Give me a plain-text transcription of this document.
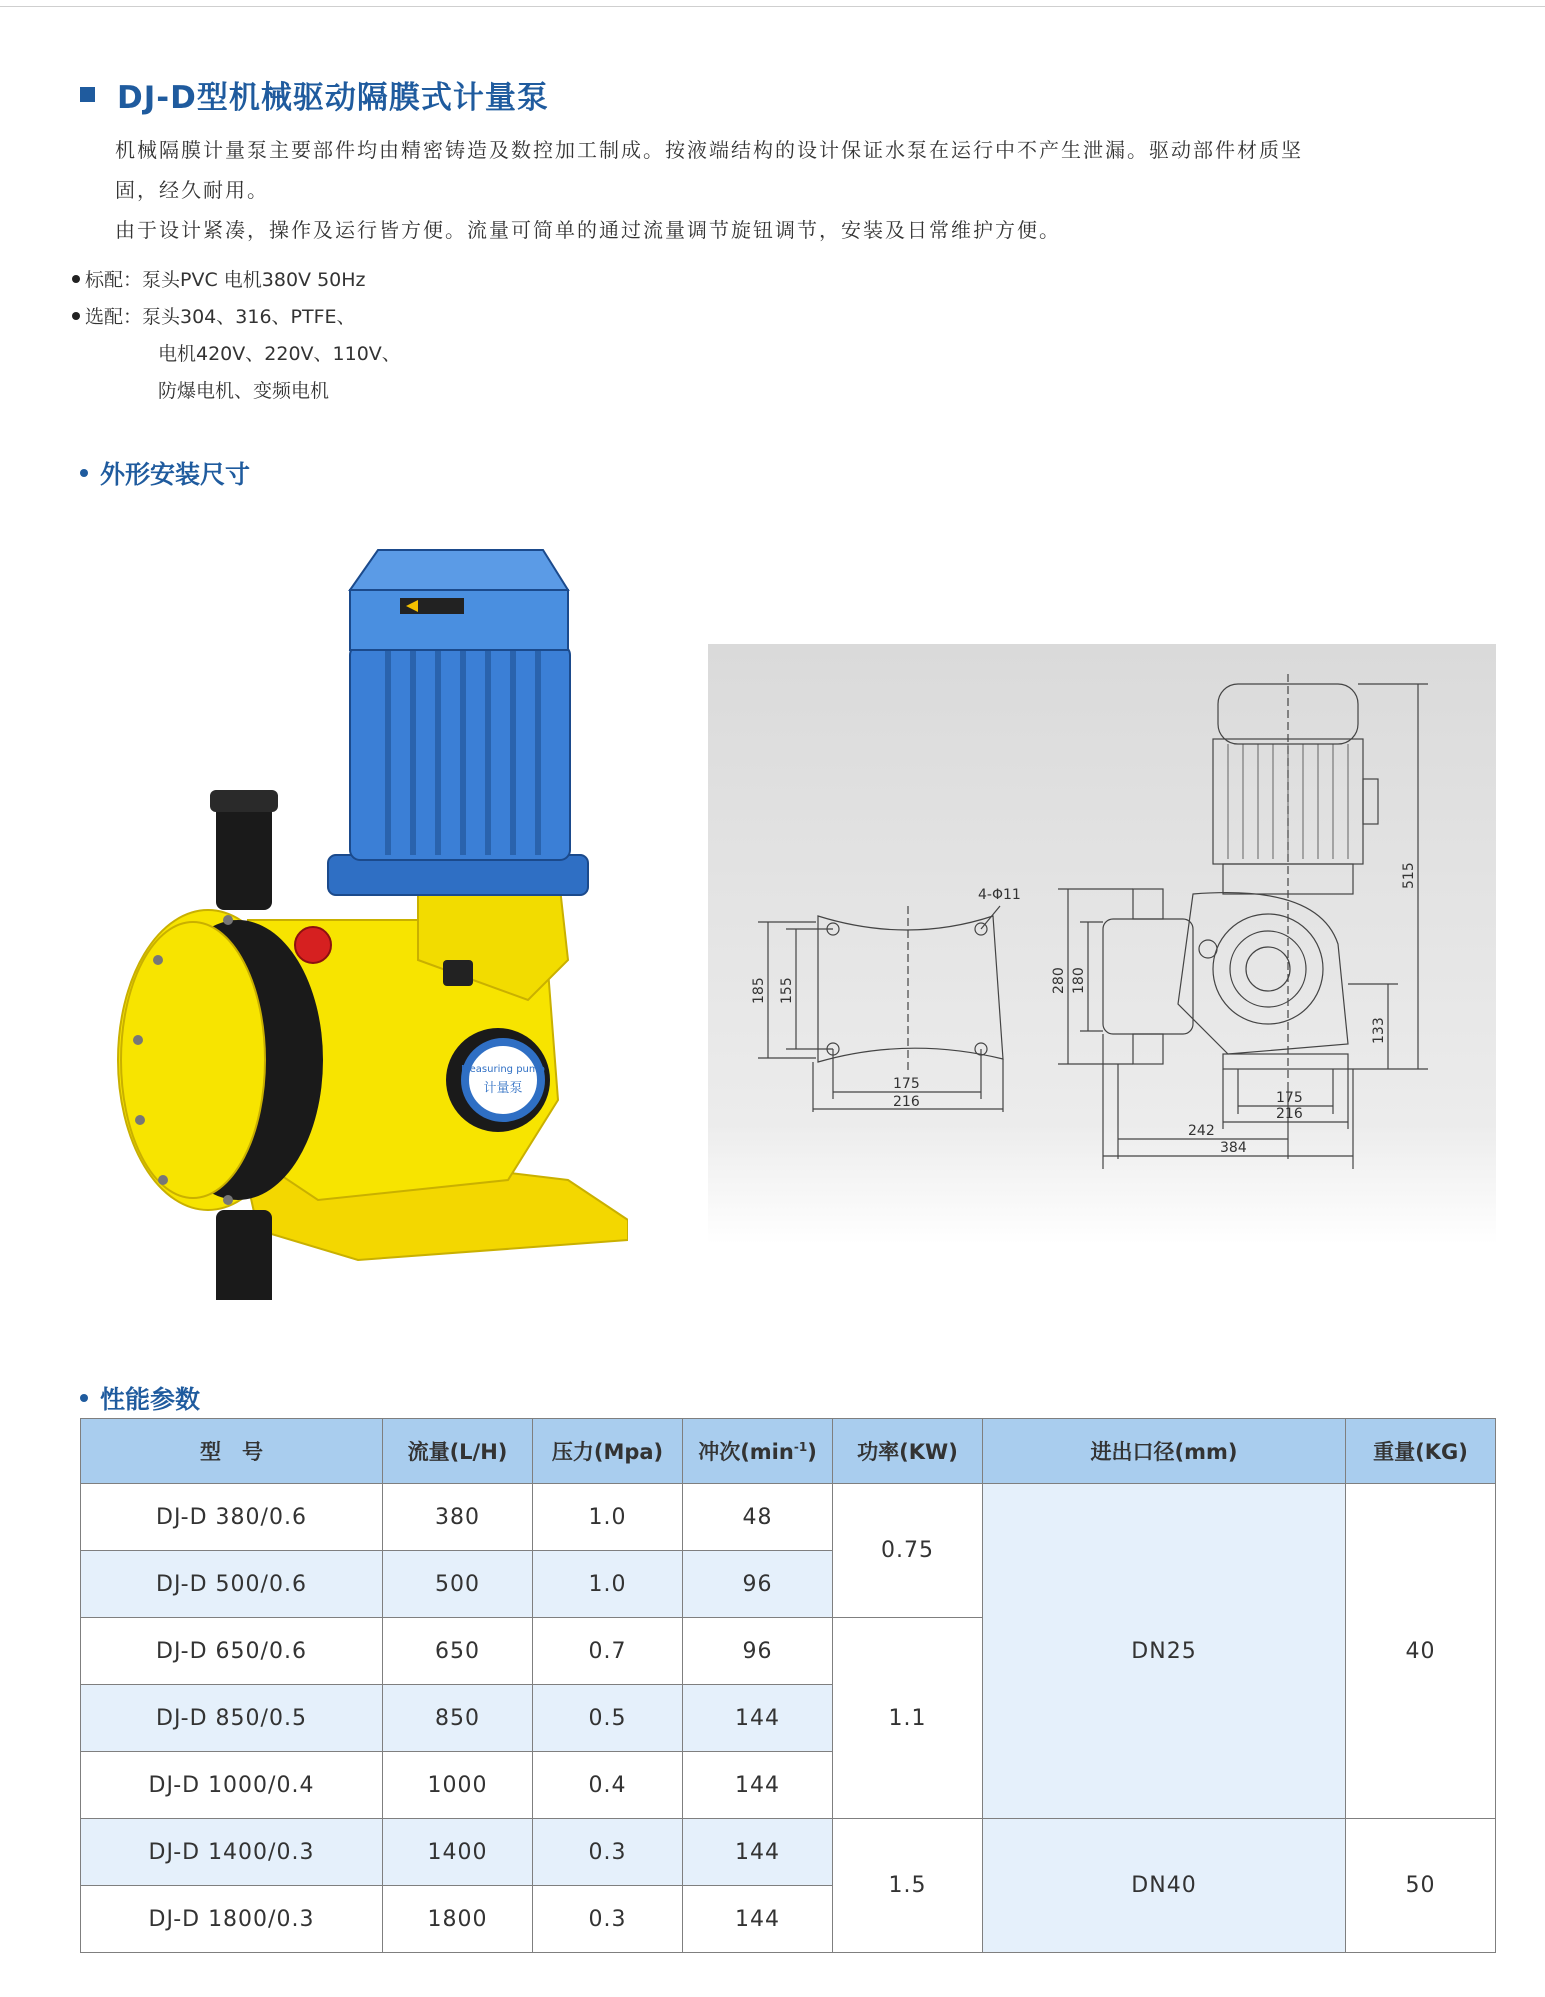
DJ-D型机械驱动隔膜式计量泵

机械隔膜计量泵主要部件均由精密铸造及数控加工制成。按液端结构的设计保证水泵在运行中不产生泄漏。驱动部件材质坚

固，经久耐用。

由于设计紧凑，操作及运行皆方便。流量可简单的通过流量调节旋钮调节，安装及日常维护方便。

标配：泵头PVC 电机380V 50Hz
选配：泵头304、316、PTFE、
电机420V、220V、110V、
防爆电机、变频电机
外形安装尺寸
Measuring pump
计量泵
4-Φ11
185 155
175
216
280 180
515
133
175
216
242
384
性能参数
型　号	流量(L/H)	压力(Mpa)	冲次$(\min^{-1})$	功率(KW)	进出口径(mm)	重量(KG)
DJ-D 380/0.6	380	1.0	48	0.75	DN25	40
DJ-D 500/0.6	500	1.0	96			
DJ-D 650/0.6	650	0.7	96	1.1		
DJ-D 850/0.5	850	0.5	144			
DJ-D 1000/0.4	1000	0.4	144			
DJ-D 1400/0.3	1400	0.3	144	1.5	DN40	50
DJ-D 1800/0.3	1800	0.3	144			
